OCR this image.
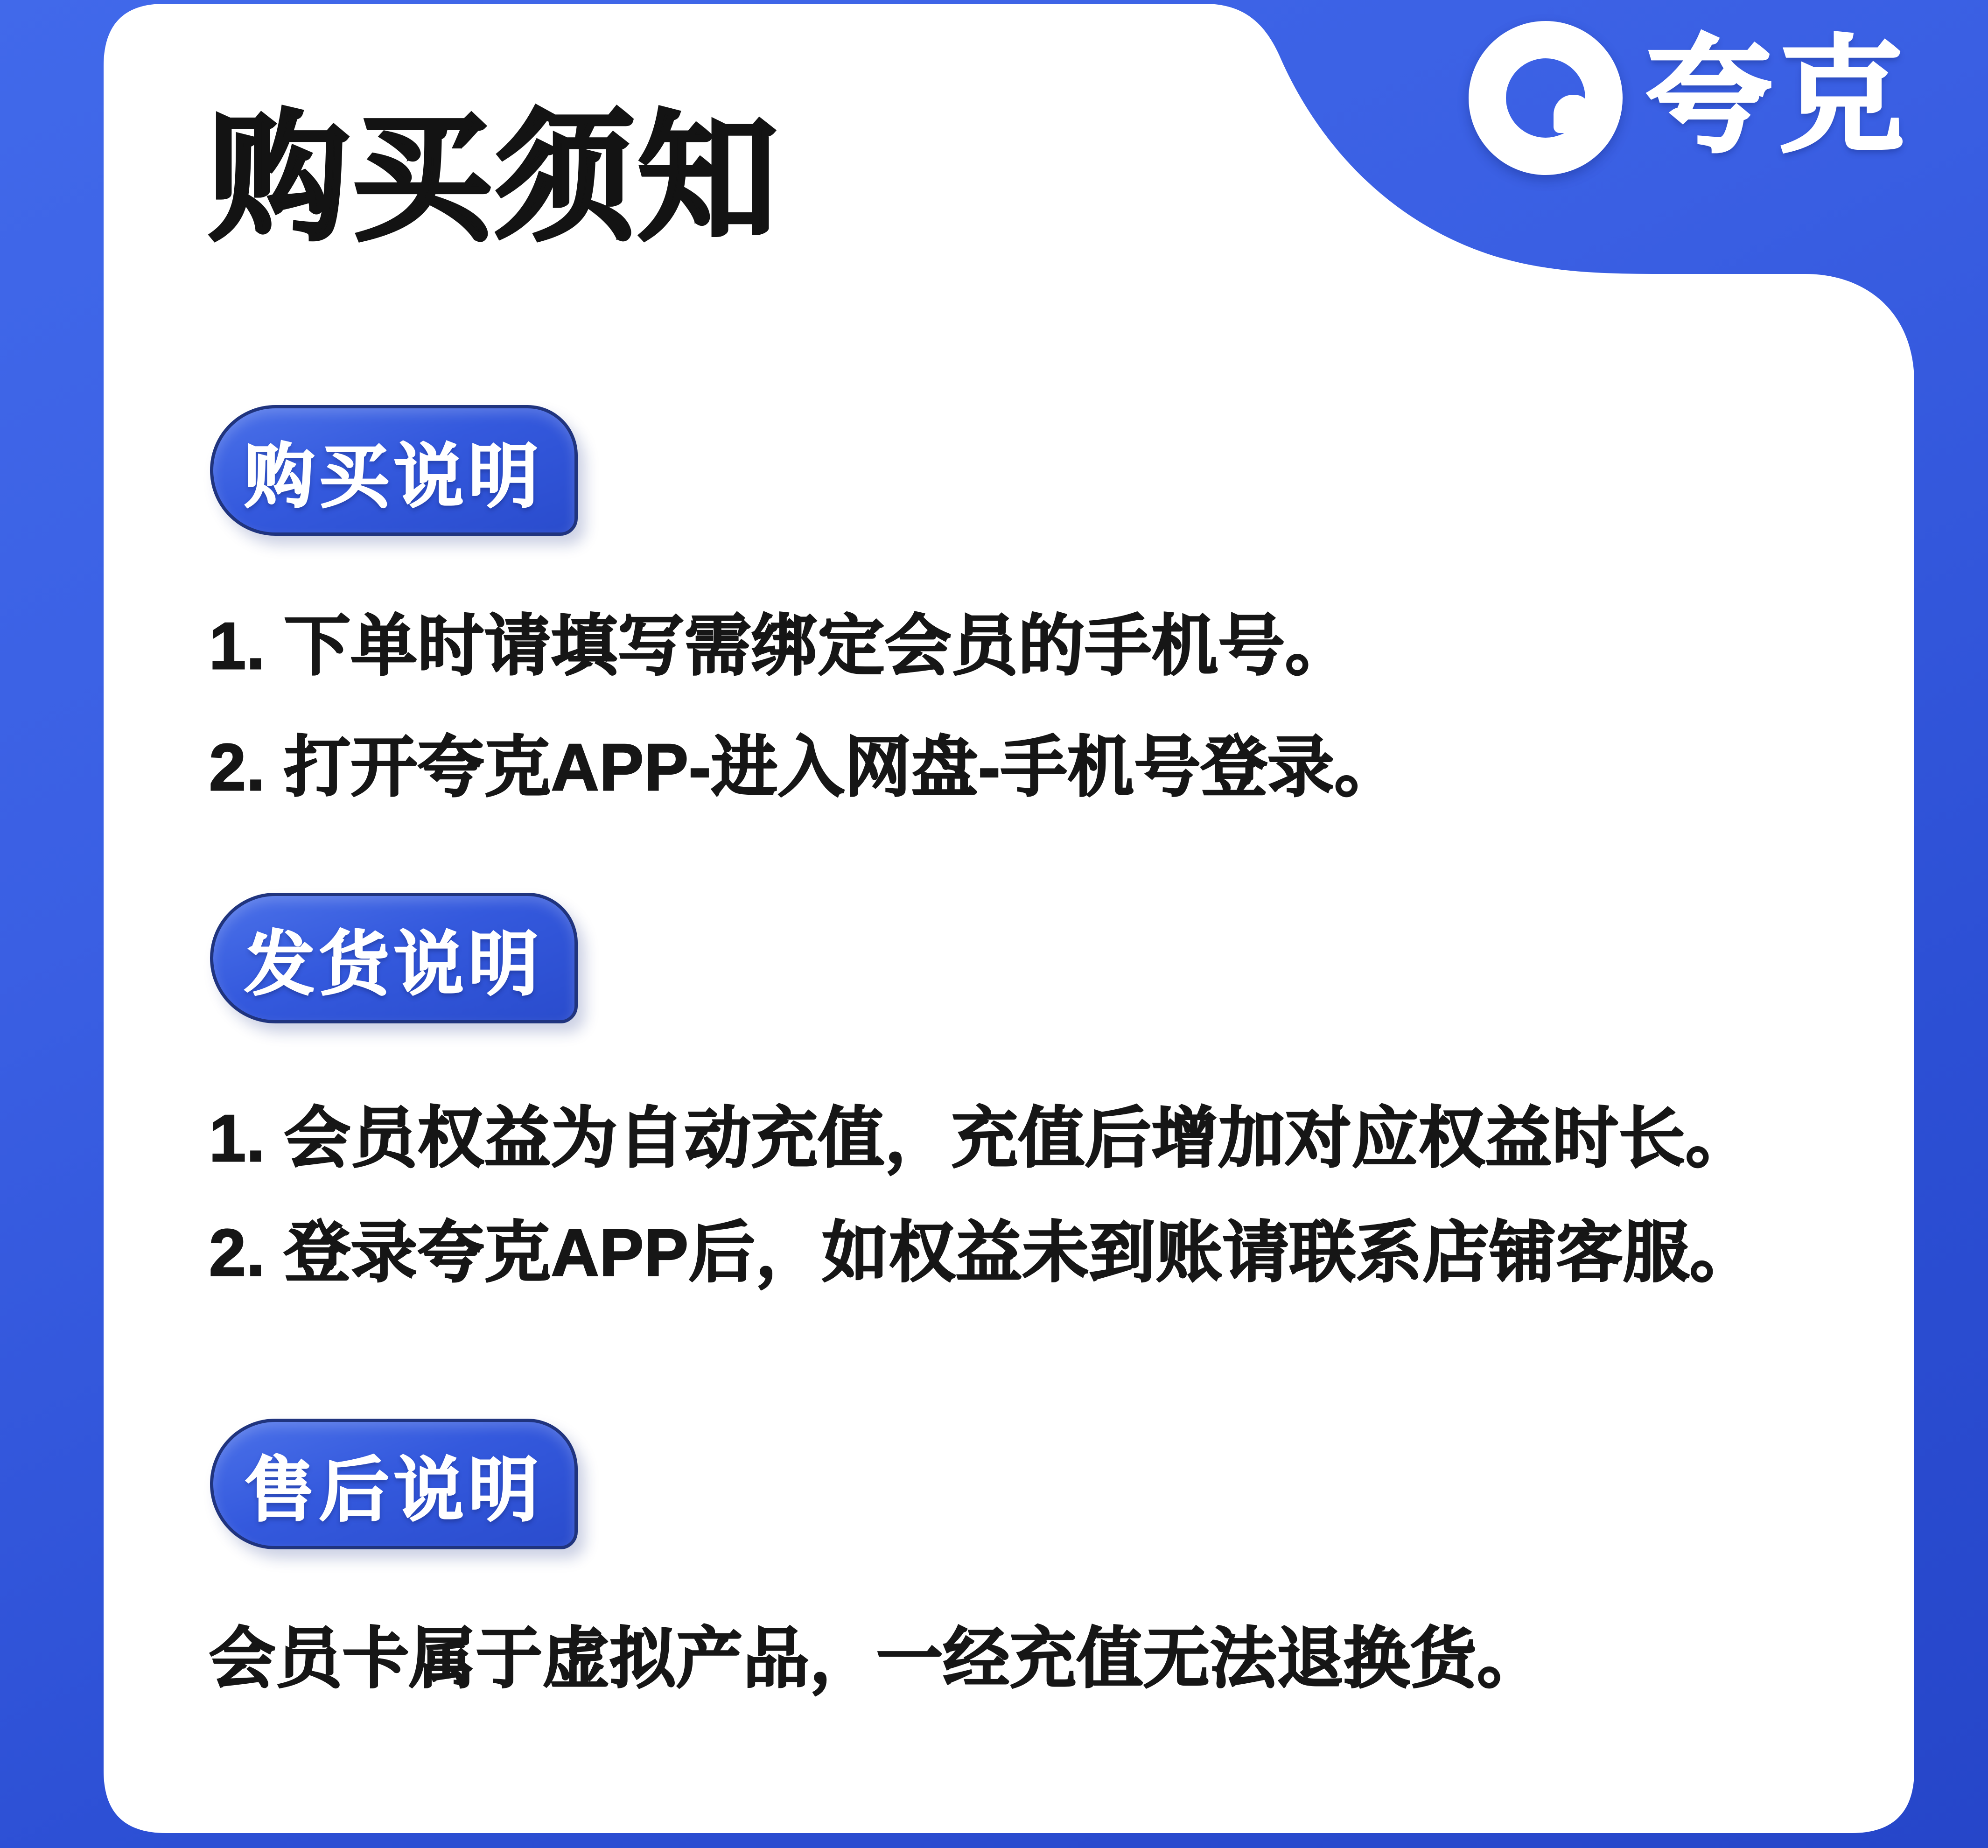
夸克
购买须知
购买说明
1. 下单时请填写需绑定会员的手机号。
2. 打开夸克APP-进入网盘-手机号登录。
发货说明
1. 会员权益为自动充值，充值后增加对应权益时长。
2. 登录夸克APP后，如权益未到账请联系店铺客服。
售后说明
会员卡属于虚拟产品，一经充值无法退换货。
